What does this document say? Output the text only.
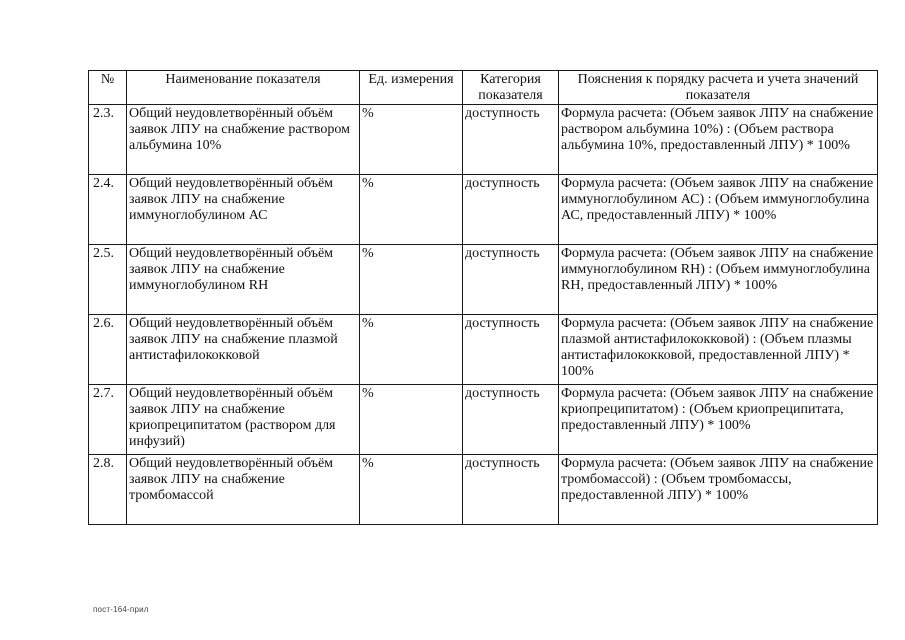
№	Наименование показателя	Ед. измерения	Категория показателя	Пояснения к порядку расчета и учета значений показателя
2.3.	Общий неудовлетворённый объём заявок ЛПУ на снабжение раствором альбумина 10%	%	доступность	Формула расчета: (Объем заявок ЛПУ на снабжение раствором альбумина 10%) : (Объем раствора альбумина 10%, предоставленный ЛПУ) * 100%
2.4.	Общий неудовлетворённый объём заявок ЛПУ на снабжение иммуноглобулином АС	%	доступность	Формула расчета: (Объем заявок ЛПУ на снабжение иммуноглобулином АС) : (Объем иммуноглобулина АС, предоставленный ЛПУ) * 100%
2.5.	Общий неудовлетворённый объём заявок ЛПУ на снабжение иммуноглобулином RH	%	доступность	Формула расчета: (Объем заявок ЛПУ на снабжение иммуноглобулином RH) : (Объем иммуноглобулина RH, предоставленный ЛПУ) * 100%
2.6.	Общий неудовлетворённый объём заявок ЛПУ на снабжение плазмой антистафилококковой	%	доступность	Формула расчета: (Объем заявок ЛПУ на снабжение плазмой антистафилококковой) : (Объем плазмы антистафилококковой, предоставленной ЛПУ) * 100%
2.7.	Общий неудовлетворённый объём заявок ЛПУ на снабжение криопреципитатом (раствором для инфузий)	%	доступность	Формула расчета: (Объем заявок ЛПУ на снабжение криопреципитатом) : (Объем криопреципитата, предоставленный ЛПУ) * 100%
2.8.	Общий неудовлетворённый объём заявок ЛПУ на снабжение тромбомассой	%	доступность	Формула расчета: (Объем заявок ЛПУ на снабжение тромбомассой) : (Объем тромбомассы, предоставленной ЛПУ) * 100%
пост-164-прил
